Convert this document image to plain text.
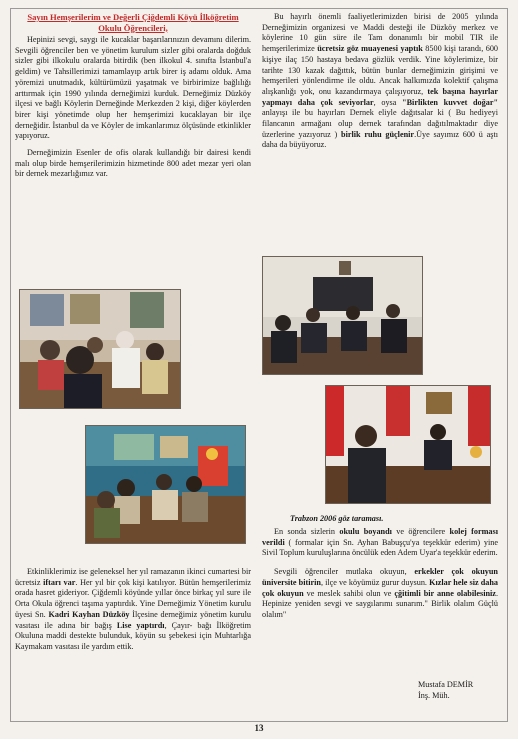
Sayın Hemşerilerim ve Değerli Çiğdemli Köyü İlköğretim Okulu Öğrencileri,

Hepinizi sevgi, saygı ile kucaklar başarılarınızın devamını dilerim. Sevgili öğrenciler ben ve yönetim kurulum sizler gibi oralarda doğduk sizler gibi ilkokulu oralarda bitirdik (ben ilkokul 4. sınıfta İstanbul'a geldim) ve Tahsillerimizi tamamlayıp artık birer iş adamı olduk. Ama yöremizi unutmadık, kültürümüzü yaşatmak ve birbirimize bağlılığı arttırmak için 1990 yılında derneğimizi kurduk. Derneğimiz Düzköy ilçesi ve bağlı Köylerin Derneğinde Merkezden 2 kişi, diğer köylerden birer kişi yönetimde olup her hemşerimizi kucaklayan bir ilçe derneğidir. İstanbul da ve Köyler de imkanlarımız ölçüsünde etkinlikler yapıyoruz.

Derneğimizin Esenler de ofis olarak kullandığı bir dairesi kendi malı olup birde hemşerilerimizin hizmetinde 800 adet mezar yeri olan bir dernek mezarlığımız var.

Etkinliklerimiz ise geleneksel her yıl ramazanın ikinci cumartesi bir ücretsiz iftarı var. Her yıl bir çok kişi katılıyor. Bütün hemşerilerimiz orada hasret gideriyor. Çiğdemli köyünde yıllar önce birkaç yıl sure ile Orta Okula öğrenci taşıma yaptırdık. Yine Derneğimiz Yönetim kurulu üyesi Sn. Kadri Kayhan Düzköy İlçesine derneğimiz yönetim kurulu vasıtası ile adına bir bağış Lise yaptırdı, Çayır- bağı İlköğretim Okuluna maddi destekte bulunduk, köyün su şebekesi için Muhtarlığa Kaymakam vasıtası ile yardım ettik.

Bu hayırlı önemli faaliyetlerimizden birisi de 2005 yılında Derneğimizin organizesi ve Maddi desteği ile Düzköy merkez ve köylerine 10 gün süre ile Tam donanımlı bir mobil TIR ile hemşerilerimize ücretsiz göz muayenesi yaptık 8500 kişi tarandı, 600 kişiye ilaç 150 hastaya bedava gözlük verdik. Yine köylerimize, bir tarihte 130 kazak dağıttık, bütün bunlar derneğimizin girişimi ve hemşerileri yönlendirme ile oldu. Ancak halkımızda kolektif çalışma alışkanlığı yok, onu kazandırmaya çalışıyoruz, tek başına hayırlar yapmayı daha çok seviyorlar, oysa "Birlikten kuvvet doğar" anlayışı ile bu hayırları Dernek eliyle dağıtsalar ki ( Bu hediyeyi filancanın armağanı olup dernek tarafından dağıtılmaktadır diye üzerlerine yazıyoruz ) birlik ruhu güçlenir.Üye sayımız 600 ü aştı daha da büyüyoruz.

Trabzon 2006 göz taraması.

En sonda sizlerin okulu boyandı ve öğrencilere kolej forması verildi ( formalar için Sn. Ayhan Babuşçu'ya teşekkür ederim) yine Sivil Toplum kuruluşlarına öncülük eden Adem Uyar'a teşekkür ederim.

Sevgili öğrenciler mutlaka okuyun, erkekler çok okuyun üniversite bitirin, ilçe ve köyümüz gurur duysun. Kızlar hele siz daha çok okuyun ve meslek sahibi olun ve çğitimli bir anne olabilesiniz. Hepinize yeniden sevgi ve saygılarımı sunarım." Birlik olalım Güçlü olalım"

Mustafa DEMİR
İnş. Müh.
13
